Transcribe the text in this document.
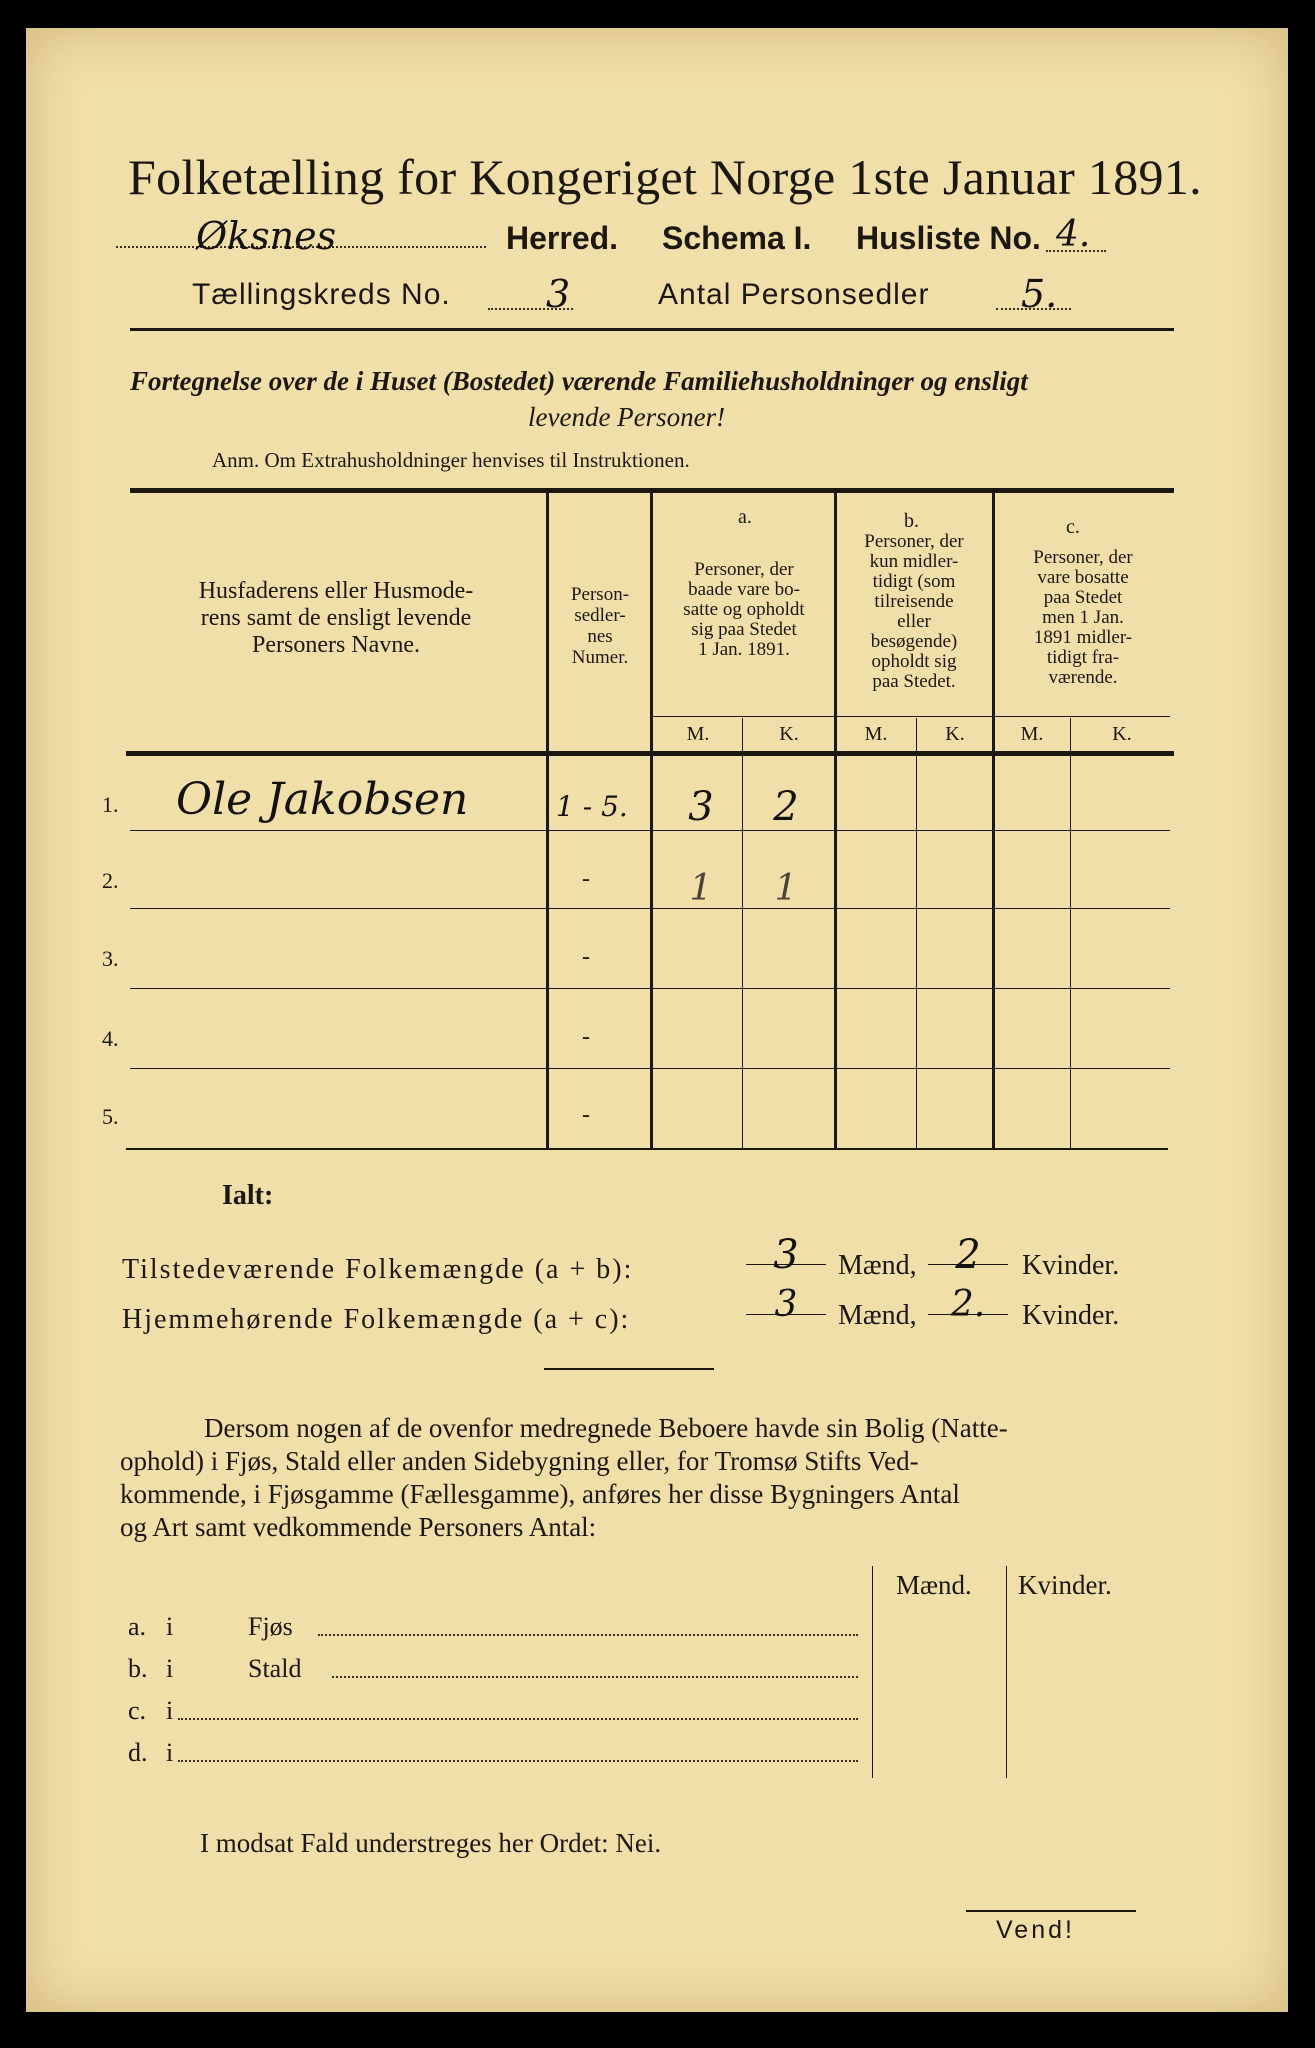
Folketælling for Kongeriget Norge 1ste Januar 1891.
Øksnes	Herred. Schema I. Husliste No. 4.
Tællingskreds No.	3	Antal Personsedler 5.
Fortegnelse over de i Huset (Bostedet) værende Familiehusholdninger og ensligt
levende Personer!
Anm. Om Extrahusholdninger henvises til Instruktionen.
Husfaderens eller Husmode-
rens samt de ensligt levende
Personers Navne.
Person-
sedler-
nes
Numer.
a.
Personer, der
baade vare bo-
satte og opholdt
sig paa Stedet
1 Jan. 1891.
b.
Personer, der
kun midler-
tidigt (som
tilreisende
eller
besøgende)
opholdt sig
paa Stedet.
c.
Personer, der
vare bosatte
paa Stedet
men 1 Jan.
1891 midler-
tidigt fra-
værende.
M.	K.	M.	K.	M.	K.
1. Ole Jakobsen	1 - 5.	3	2
2.	-	1	1
3.	-
4.	-
5.	-
Ialt:
Tilstedeværende Folkemængde (a + b):	3	Mænd, 2	Kvinder.
Hjemmehørende Folkemængde (a + c):	3	Mænd, 2.	Kvinder.
Dersom nogen af de ovenfor medregnede Beboere havde sin Bolig (Natte-
ophold) i Fjøs, Stald eller anden Sidebygning eller, for Tromsø Stifts Ved-
kommende, i Fjøsgamme (Fællesgamme), anføres her disse Bygningers Antal
og Art samt vedkommende Personers Antal:
Mænd. Kvinder.
a. i	Fjøs
b. i	Stald
c. i
d. i
I modsat Fald understreges her Ordet: Nei.
Vend!
